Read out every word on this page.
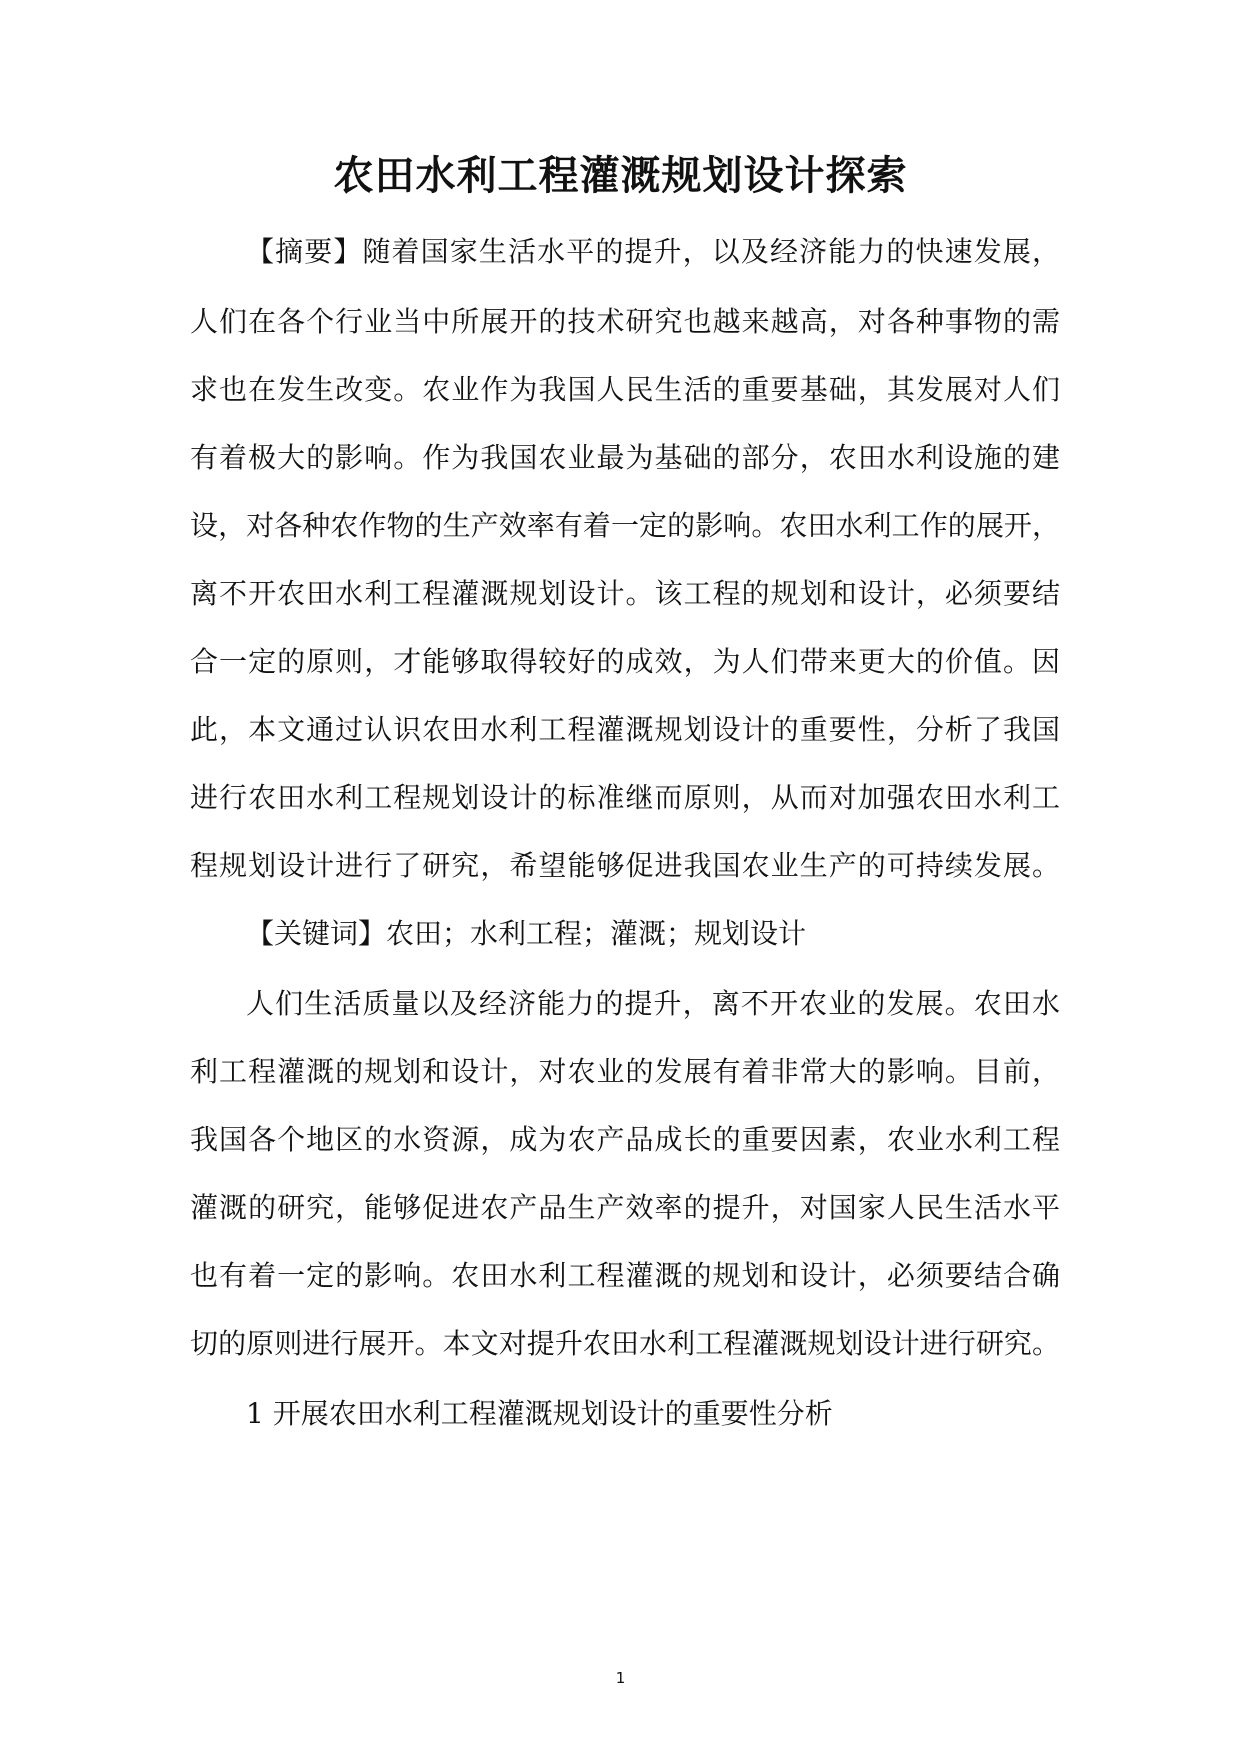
农田水利工程灌溉规划设计探索
【摘要】随着国家生活水平的提升，以及经济能力的快速发展，
人们在各个行业当中所展开的技术研究也越来越高，对各种事物的需
求也在发生改变。农业作为我国人民生活的重要基础，其发展对人们
有着极大的影响。作为我国农业最为基础的部分，农田水利设施的建
设，对各种农作物的生产效率有着一定的影响。农田水利工作的展开，
离不开农田水利工程灌溉规划设计。该工程的规划和设计，必须要结
合一定的原则，才能够取得较好的成效，为人们带来更大的价值。因
此，本文通过认识农田水利工程灌溉规划设计的重要性，分析了我国
进行农田水利工程规划设计的标准继而原则，从而对加强农田水利工
程规划设计进行了研究，希望能够促进我国农业生产的可持续发展。
【关键词】农田；水利工程；灌溉；规划设计
人们生活质量以及经济能力的提升，离不开农业的发展。农田水
利工程灌溉的规划和设计，对农业的发展有着非常大的影响。目前，
我国各个地区的水资源，成为农产品成长的重要因素，农业水利工程
灌溉的研究，能够促进农产品生产效率的提升，对国家人民生活水平
也有着一定的影响。农田水利工程灌溉的规划和设计，必须要结合确
切的原则进行展开。本文对提升农田水利工程灌溉规划设计进行研究。
1 开展农田水利工程灌溉规划设计的重要性分析
1
